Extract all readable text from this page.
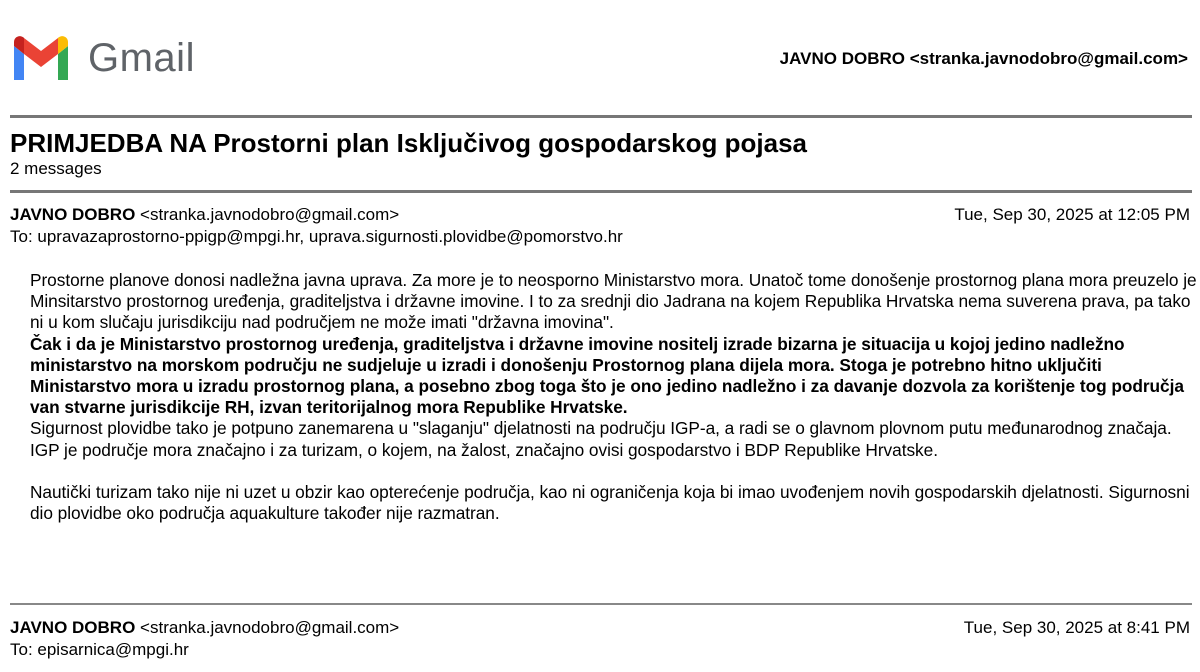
Gmail	JAVNO DOBRO <stranka.javnodobro@gmail.com>
PRIMJEDBA NA Prostorni plan Isključivog gospodarskog pojasa
2 messages
JAVNO DOBRO <stranka.javnodobro@gmail.com>	Tue, Sep 30, 2025 at 12:05 PM
To: upravazaprostorno-ppigp@mpgi.hr, uprava.sigurnosti.plovidbe@pomorstvo.hr

Prostorne planove donosi nadležna javna uprava. Za more je to neosporno Ministarstvo mora. Unatoč tome donošenje prostornog plana mora preuzelo je Minsitarstvo prostornog uređenja, graditeljstva i državne imovine. I to za srednji dio Jadrana na kojem Republika Hrvatska nema suverena prava, pa tako ni u kom slučaju jurisdikciju nad područjem ne može imati "državna imovina".

Čak i da je Ministarstvo prostornog uređenja, graditeljstva i državne imovine nositelj izrade bizarna je situacija u kojoj jedino nadležno ministarstvo na morskom području ne sudjeluje u izradi i donošenju Prostornog plana dijela mora. Stoga je potrebno hitno uključiti Ministarstvo mora u izradu prostornog plana, a posebno zbog toga što je ono jedino nadležno i za davanje dozvola za korištenje tog područja van stvarne jurisdikcije RH, izvan teritorijalnog mora Republike Hrvatske.

Sigurnost plovidbe tako je potpuno zanemarena u "slaganju" djelatnosti na području IGP-a, a radi se o glavnom plovnom putu međunarodnog značaja. IGP je područje mora značajno i za turizam, o kojem, na žalost, značajno ovisi gospodarstvo i BDP Republike Hrvatske.

Nautički turizam tako nije ni uzet u obzir kao opterećenje područja, kao ni ograničenja koja bi imao uvođenjem novih gospodarskih djelatnosti. Sigurnosni dio plovidbe oko područja aquakulture također nije razmatran.

JAVNO DOBRO <stranka.javnodobro@gmail.com>	Tue, Sep 30, 2025 at 8:41 PM
To: episarnica@mpgi.hr
